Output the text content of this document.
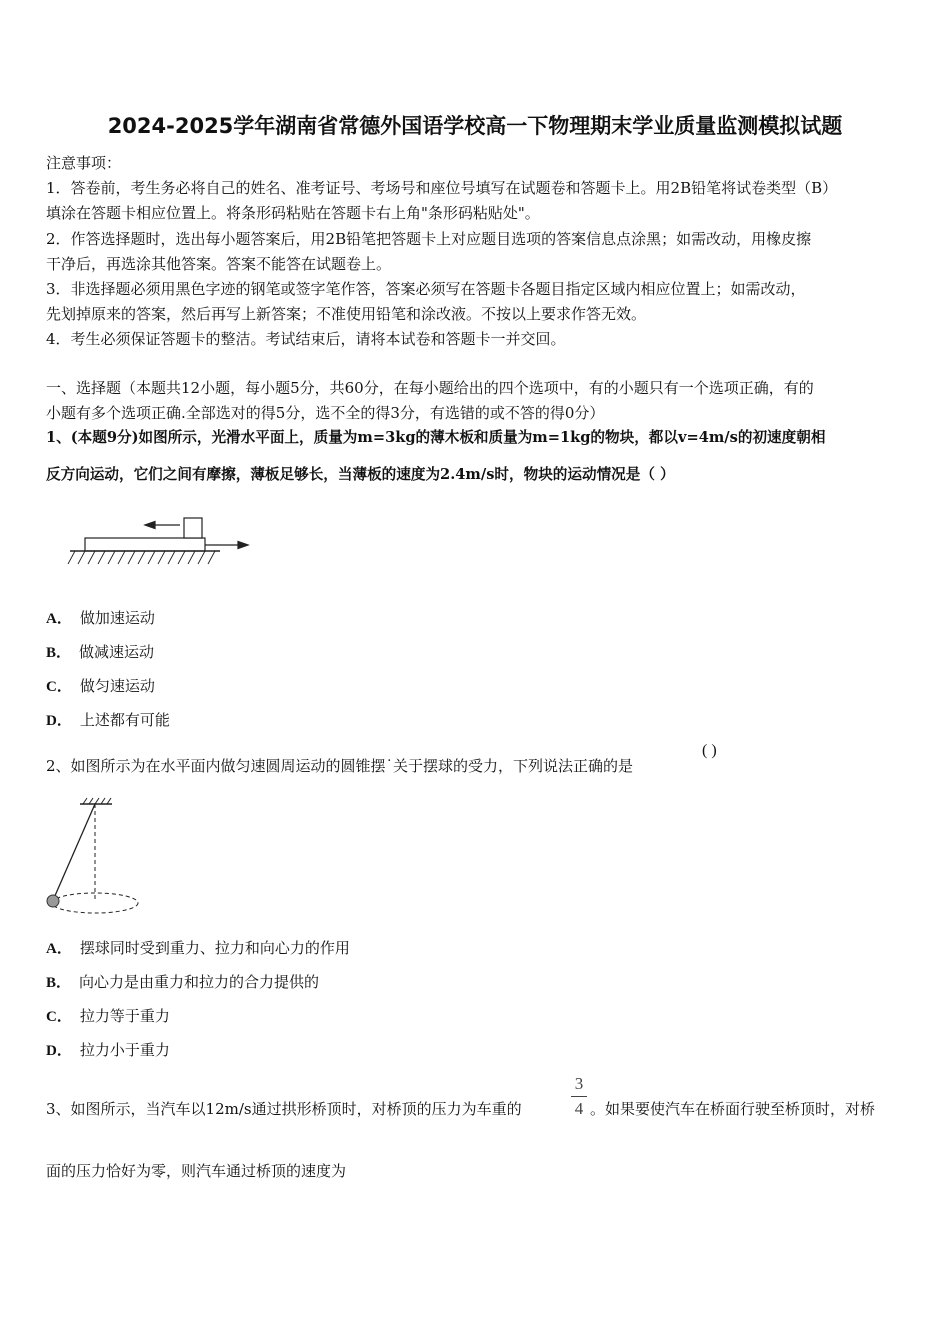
2024-2025学年湖南省常德外国语学校高一下物理期末学业质量监测模拟试题
注意事项：
1．答卷前，考生务必将自己的姓名、准考证号、考场号和座位号填写在试题卷和答题卡上。用2B铅笔将试卷类型（B）
填涂在答题卡相应位置上。将条形码粘贴在答题卡右上角"条形码粘贴处"。
2．作答选择题时，选出每小题答案后，用2B铅笔把答题卡上对应题目选项的答案信息点涂黑；如需改动，用橡皮擦
干净后，再选涂其他答案。答案不能答在试题卷上。
3．非选择题必须用黑色字迹的钢笔或签字笔作答，答案必须写在答题卡各题目指定区域内相应位置上；如需改动，
先划掉原来的答案，然后再写上新答案；不准使用铅笔和涂改液。不按以上要求作答无效。
4．考生必须保证答题卡的整洁。考试结束后，请将本试卷和答题卡一并交回。
一、选择题（本题共12小题，每小题5分，共60分，在每小题给出的四个选项中，有的小题只有一个选项正确，有的
小题有多个选项正确.全部选对的得5分，选不全的得3分，有选错的或不答的得0分）
1、(本题9分)如图所示，光滑水平面上，质量为m=3kg的薄木板和质量为m=1kg的物块，都以v=4m/s的初速度朝相
反方向运动，它们之间有摩擦，薄板足够长，当薄板的速度为2.4m/s时，物块的运动情况是（ ）
A． 做加速运动
B． 做减速运动
C． 做匀速运动
D． 上述都有可能
2、如图所示为在水平面内做匀速圆周运动的圆锥摆˙关于摆球的受力，下列说法正确的是
( )
A． 摆球同时受到重力、拉力和向心力的作用
B． 向心力是由重力和拉力的合力提供的
C． 拉力等于重力
D． 拉力小于重力
3、如图所示，当汽车以12m/s通过拱形桥顶时，对桥顶的压力为车重的
3
4 。如果要使汽车在桥面行驶至桥顶时，对桥
面的压力恰好为零，则汽车通过桥顶的速度为
